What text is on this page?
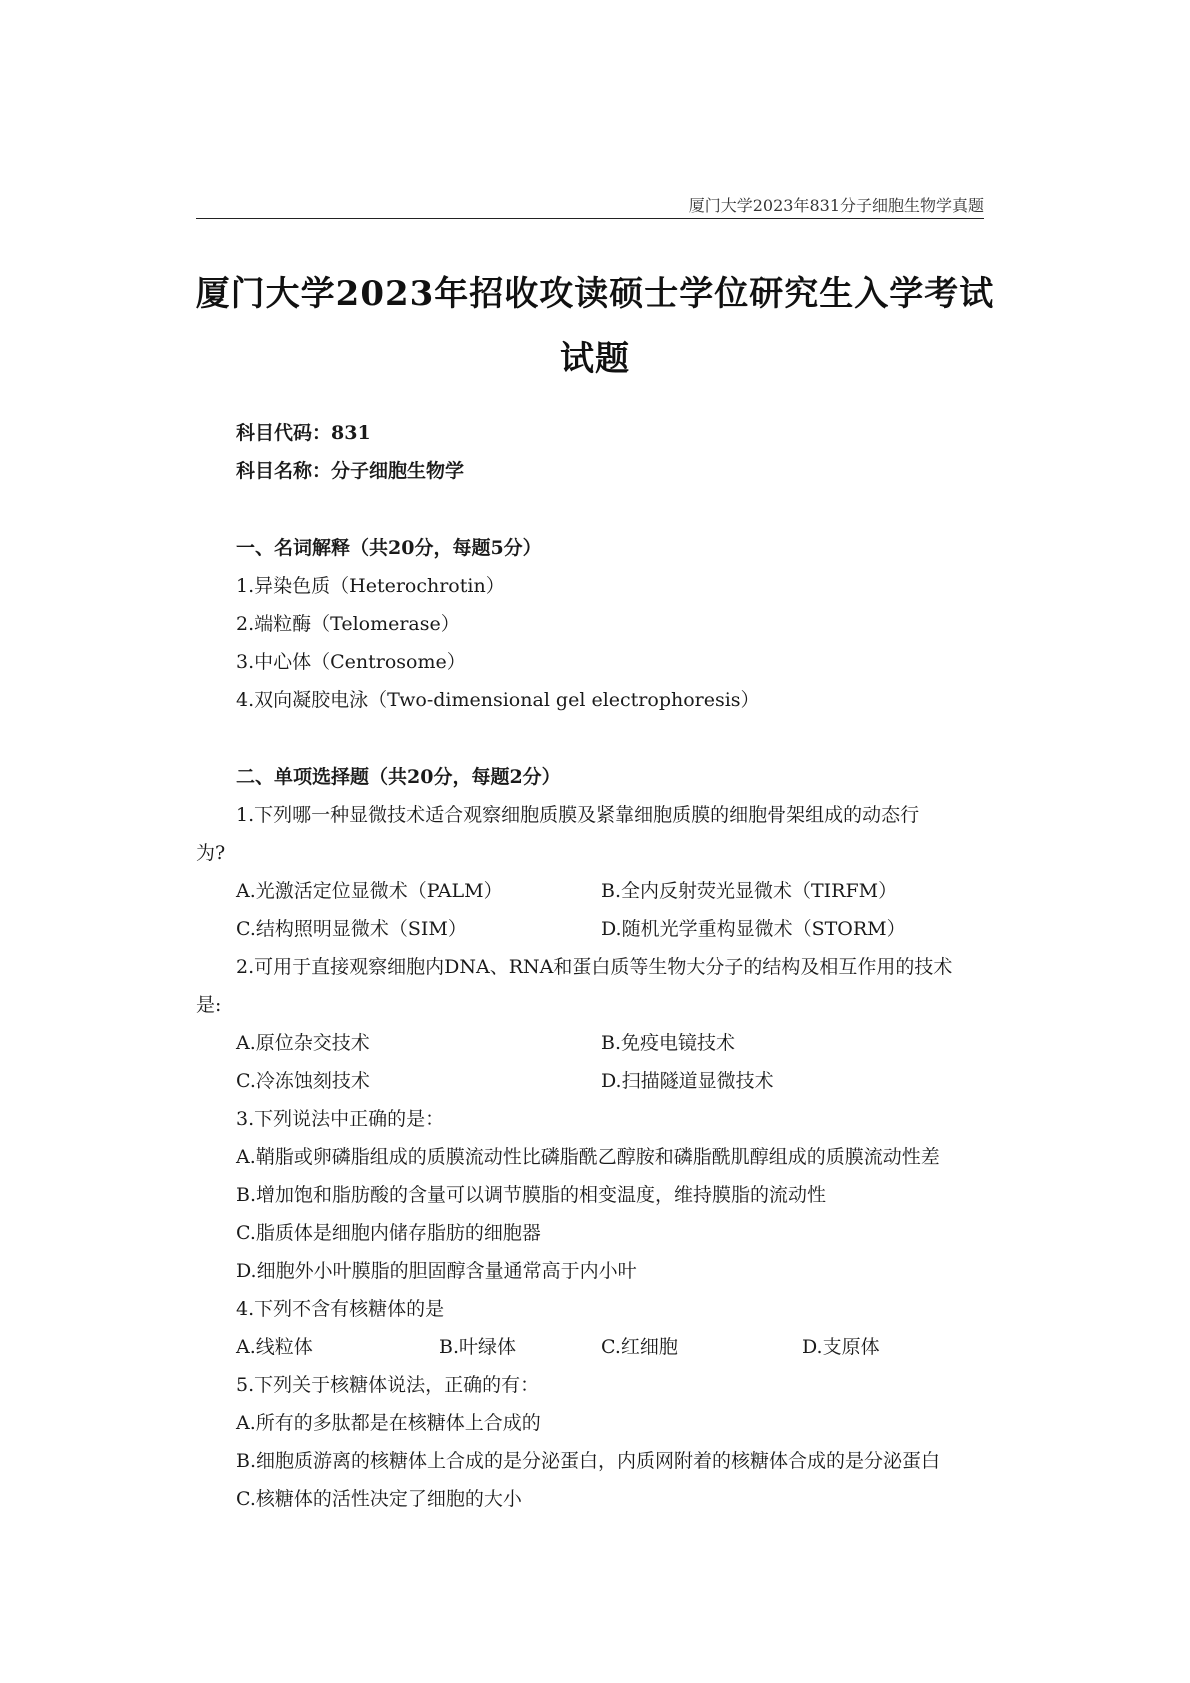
厦门大学2023年831分子细胞生物学真题
厦门大学2023年招收攻读硕士学位研究生入学考试
试题
科目代码：831
科目名称：分子细胞生物学
一、名词解释（共20分，每题5分）
1.异染色质（Heterochrotin）
2.端粒酶（Telomerase）
3.中心体（Centrosome）
4.双向凝胶电泳（Two-dimensional gel electrophoresis）
二、单项选择题（共20分，每题2分）
1.下列哪一种显微技术适合观察细胞质膜及紧靠细胞质膜的细胞骨架组成的动态行
为?
A.光激活定位显微术（PALM）	B.全内反射荧光显微术（TIRFM）
C.结构照明显微术（SIM）	D.随机光学重构显微术（STORM）
2.可用于直接观察细胞内DNA、RNA和蛋白质等生物大分子的结构及相互作用的技术
是:
A.原位杂交技术	B.免疫电镜技术
C.冷冻蚀刻技术	D.扫描隧道显微技术
3.下列说法中正确的是：
A.鞘脂或卵磷脂组成的质膜流动性比磷脂酰乙醇胺和磷脂酰肌醇组成的质膜流动性差
B.增加饱和脂肪酸的含量可以调节膜脂的相变温度，维持膜脂的流动性
C.脂质体是细胞内储存脂肪的细胞器
D.细胞外小叶膜脂的胆固醇含量通常高于内小叶
4.下列不含有核糖体的是
A.线粒体	B.叶绿体	C.红细胞	D.支原体
5.下列关于核糖体说法，正确的有：
A.所有的多肽都是在核糖体上合成的
B.细胞质游离的核糖体上合成的是分泌蛋白，内质网附着的核糖体合成的是分泌蛋白
C.核糖体的活性决定了细胞的大小
